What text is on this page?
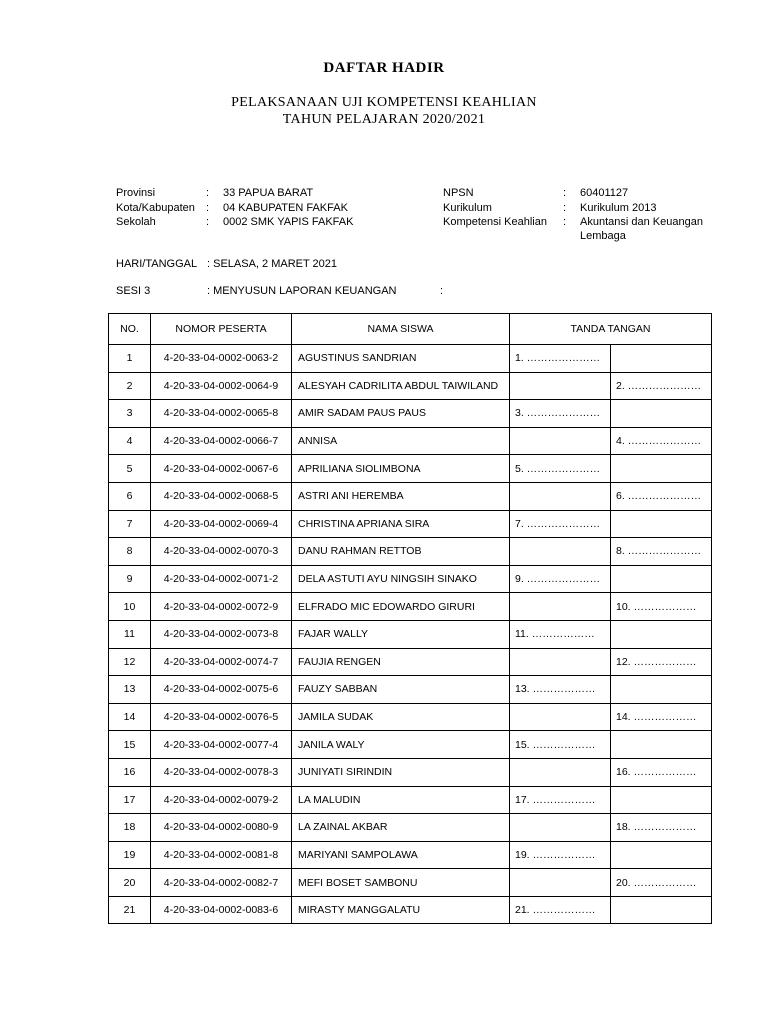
DAFTAR HADIR
PELAKSANAAN UJI KOMPETENSI KEAHLIAN
TAHUN PELAJARAN 2020/2021
Provinsi	: 33 PAPUA BARAT
Kota/Kabupaten : 04 KABUPATEN FAKFAK
Sekolah	: 0002 SMK YAPIS FAKFAK
NPSN	: 60401127
Kurikulum	: Kurikulum 2013
Kompetensi Keahlian : Akuntansi dan Keuangan
Lembaga
HARI/TANGGAL : SELASA, 2 MARET 2021
SESI 3	: MENYUSUN LAPORAN KEUANGAN	:
NO.	NOMOR PESERTA	NAMA SISWA	TANDA TANGAN	
1	4-20-33-04-0002-0063-2	AGUSTINUS SANDRIAN	1. …………………	
2	4-20-33-04-0002-0064-9	ALESYAH CADRILITA ABDUL TAIWILAND		2. …………………
3	4-20-33-04-0002-0065-8	AMIR SADAM PAUS PAUS	3. …………………	
4	4-20-33-04-0002-0066-7	ANNISA		4. …………………
5	4-20-33-04-0002-0067-6	APRILIANA SIOLIMBONA	5. …………………	
6	4-20-33-04-0002-0068-5	ASTRI ANI HEREMBA		6. …………………
7	4-20-33-04-0002-0069-4	CHRISTINA APRIANA SIRA	7. …………………	
8	4-20-33-04-0002-0070-3	DANU RAHMAN RETTOB		8. …………………
9	4-20-33-04-0002-0071-2	DELA ASTUTI AYU NINGSIH SINAKO	9. …………………	
10	4-20-33-04-0002-0072-9	ELFRADO MIC EDOWARDO GIRURI		10. ………………
11	4-20-33-04-0002-0073-8	FAJAR WALLY	11. ………………	
12	4-20-33-04-0002-0074-7	FAUJIA RENGEN		12. ………………
13	4-20-33-04-0002-0075-6	FAUZY SABBAN	13. ………………	
14	4-20-33-04-0002-0076-5	JAMILA SUDAK		14. ………………
15	4-20-33-04-0002-0077-4	JANILA WALY	15. ………………	
16	4-20-33-04-0002-0078-3	JUNIYATI SIRINDIN		16. ………………
17	4-20-33-04-0002-0079-2	LA MALUDIN	17. ………………	
18	4-20-33-04-0002-0080-9	LA ZAINAL AKBAR		18. ………………
19	4-20-33-04-0002-0081-8	MARIYANI SAMPOLAWA	19. ………………	
20	4-20-33-04-0002-0082-7	MEFI BOSET SAMBONU		20. ………………
21	4-20-33-04-0002-0083-6	MIRASTY MANGGALATU	21. ………………	
